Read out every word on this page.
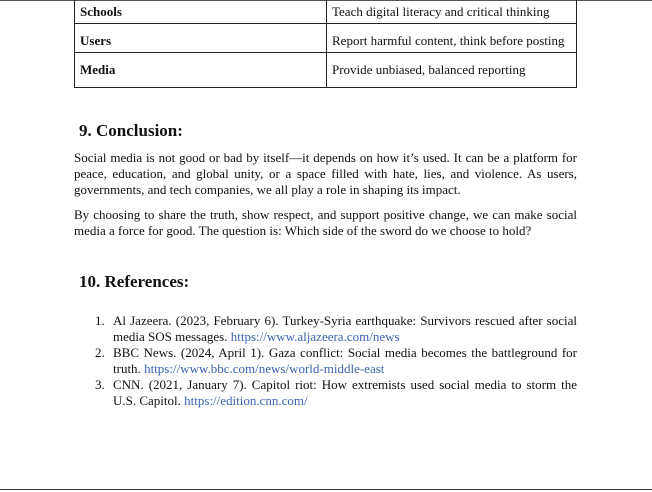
Schools	Teach digital literacy and critical thinking
Users	Report harmful content, think before posting
Media	Provide unbiased, balanced reporting
9. Conclusion:

Social media is not good or bad by itself—it depends on how it’s used. It can be a platform for peace, education, and global unity, or a space filled with hate, lies, and violence. As users, governments, and tech companies, we all play a role in shaping its impact.

By choosing to share the truth, show respect, and support positive change, we can make social media a force for good. The question is: Which side of the sword do we choose to hold?

10. References:
1. Al Jazeera. (2023, February 6). Turkey-Syria earthquake: Survivors rescued after social media SOS messages. https://www.aljazeera.com/news
2. BBC News. (2024, April 1). Gaza conflict: Social media becomes the battleground for truth. https://www.bbc.com/news/world-middle-east
3. CNN. (2021, January 7). Capitol riot: How extremists used social media to storm the U.S. Capitol. https://edition.cnn.com/
